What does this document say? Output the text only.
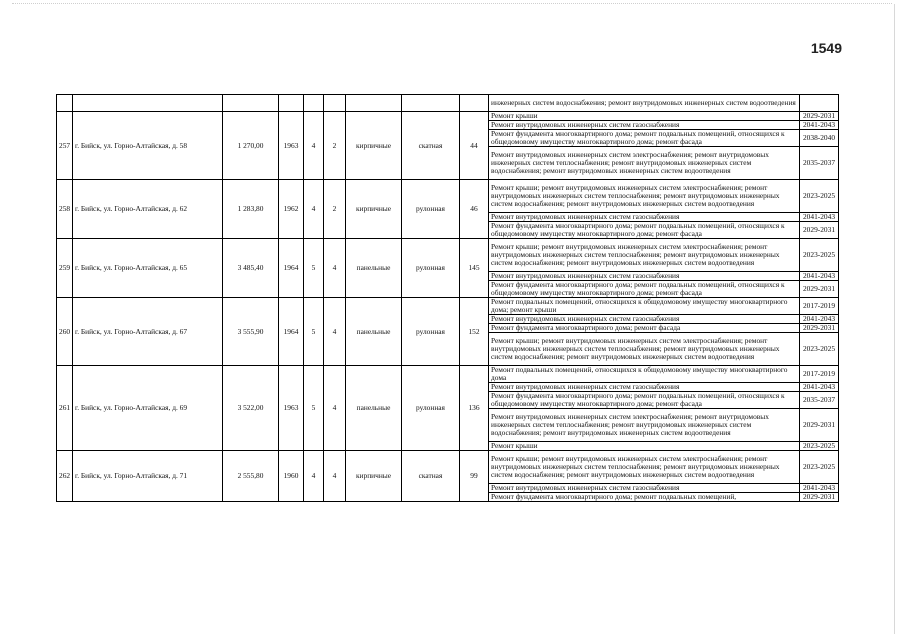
1549

									инженерных систем водоснабжения; ремонт внутридомовых инженерных систем водоотведения	

257	г. Бийск, ул. Горно-Алтайская, д. 58	1 270,00	1963	4	2	кирпичные	скатная	44	Ремонт крыши	2029-2031

									Ремонт внутридомовых инженерных систем газоснабжения	2041-2043

									Ремонт фундамента многоквартирного дома; ремонт подвальных помещений, относящихся к общедомовому имуществу многоквартирного дома; ремонт фасада	2038-2040

									Ремонт внутридомовых инженерных систем электроснабжения; ремонт внутридомовых инженерных систем теплоснабжения; ремонт внутридомовых инженерных систем водоснабжения; ремонт внутридомовых инженерных систем водоотведения	2035-2037
258	г. Бийск, ул. Горно-Алтайская, д. 62	1 283,80	1962	4	2	кирпичные	рулонная	46	Ремонт крыши; ремонт внутридомовых инженерных систем электроснабжения; ремонт внутридомовых инженерных систем теплоснабжения; ремонт внутридомовых инженерных систем водоснабжения; ремонт внутридомовых инженерных систем водоотведения	2023-2025

									Ремонт внутридомовых инженерных систем газоснабжения	2041-2043

									Ремонт фундамента многоквартирного дома; ремонт подвальных помещений, относящихся к общедомовому имуществу многоквартирного дома; ремонт фасада	2029-2031
259	г. Бийск, ул. Горно-Алтайская, д. 65	3 485,40	1964	5	4	панельные	рулонная	145	Ремонт крыши; ремонт внутридомовых инженерных систем электроснабжения; ремонт внутридомовых инженерных систем теплоснабжения; ремонт внутридомовых инженерных систем водоснабжения; ремонт внутридомовых инженерных систем водоотведения	2023-2025

									Ремонт внутридомовых инженерных систем газоснабжения	2041-2043

									Ремонт фундамента многоквартирного дома; ремонт подвальных помещений, относящихся к общедомовому имуществу многоквартирного дома; ремонт фасада	2029-2031
260	г. Бийск, ул. Горно-Алтайская, д. 67	3 555,90	1964	5	4	панельные	рулонная	152	Ремонт подвальных помещений, относящихся к общедомовому имуществу многоквартирного дома; ремонт крыши	2017-2019

									Ремонт внутридомовых инженерных систем газоснабжения	2041-2043

									Ремонт фундамента многоквартирного дома; ремонт фасада	2029-2031

									Ремонт крыши; ремонт внутридомовых инженерных систем электроснабжения; ремонт внутридомовых инженерных систем теплоснабжения; ремонт внутридомовых инженерных систем водоснабжения; ремонт внутридомовых инженерных систем водоотведения	2023-2025
261	г. Бийск, ул. Горно-Алтайская, д. 69	3 522,00	1963	5	4	панельные	рулонная	136	Ремонт подвальных помещений, относящихся к общедомовому имуществу многоквартирного дома	2017-2019

									Ремонт внутридомовых инженерных систем газоснабжения	2041-2043

									Ремонт фундамента многоквартирного дома; ремонт подвальных помещений, относящихся к общедомовому имуществу многоквартирного дома; ремонт фасада	2035-2037

									Ремонт внутридомовых инженерных систем электроснабжения; ремонт внутридомовых инженерных систем теплоснабжения; ремонт внутридомовых инженерных систем водоснабжения; ремонт внутридомовых инженерных систем водоотведения	2029-2031

									Ремонт крыши	2023-2025
262	г. Бийск, ул. Горно-Алтайская, д. 71	2 555,80	1960	4	4	кирпичные	скатная	99	Ремонт крыши; ремонт внутридомовых инженерных систем электроснабжения; ремонт внутридомовых инженерных систем теплоснабжения; ремонт внутридомовых инженерных систем водоснабжения; ремонт внутридомовых инженерных систем водоотведения	2023-2025

									Ремонт внутридомовых инженерных систем газоснабжения	2041-2043

									Ремонт фундамента многоквартирного дома; ремонт подвальных помещений,	2029-2031
